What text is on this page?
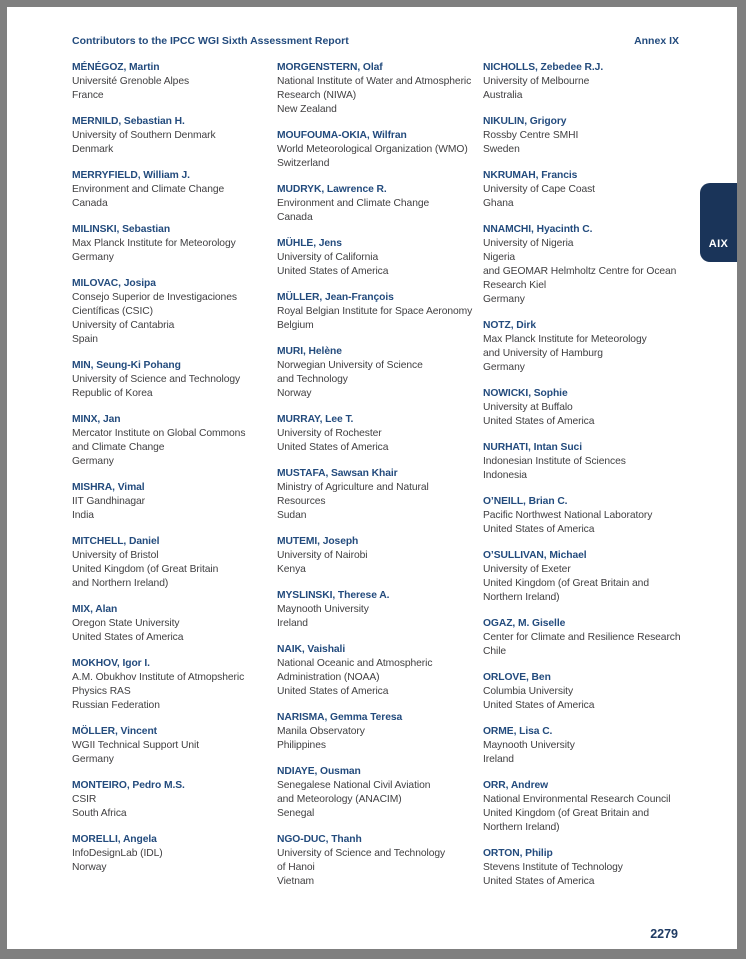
Contributors to the IPCC WGI Sixth Assessment Report	Annex IX
MÉNÉGOZ, Martin
Université Grenoble Alpes
France
MERNILD, Sebastian H.
University of Southern Denmark
Denmark
MERRYFIELD, William J.
Environment and Climate Change
Canada
MILINSKI, Sebastian
Max Planck Institute for Meteorology
Germany
MILOVAC, Josipa
Consejo Superior de Investigaciones
Científicas (CSIC)
University of Cantabria
Spain
MIN, Seung-Ki Pohang
University of Science and Technology
Republic of Korea
MINX, Jan
Mercator Institute on Global Commons
and Climate Change
Germany
MISHRA, Vimal
IIT Gandhinagar
India
MITCHELL, Daniel
University of Bristol
United Kingdom (of Great Britain
and Northern Ireland)
MIX, Alan
Oregon State University
United States of America
MOKHOV, Igor I.
A.M. Obukhov Institute of Atmopsheric
Physics RAS
Russian Federation
MÖLLER, Vincent
WGII Technical Support Unit
Germany
MONTEIRO, Pedro M.S.
CSIR
South Africa
MORELLI, Angela
InfoDesignLab (IDL)
Norway
MORGENSTERN, Olaf
National Institute of Water and Atmospheric
Research (NIWA)
New Zealand
MOUFOUMA-OKIA, Wilfran
World Meteorological Organization (WMO)
Switzerland
MUDRYK, Lawrence R.
Environment and Climate Change
Canada
MÜHLE, Jens
University of California
United States of America
MÜLLER, Jean-François
Royal Belgian Institute for Space Aeronomy
Belgium
MURI, Helène
Norwegian University of Science
and Technology
Norway
MURRAY, Lee T.
University of Rochester
United States of America
MUSTAFA, Sawsan Khair
Ministry of Agriculture and Natural
Resources
Sudan
MUTEMI, Joseph
University of Nairobi
Kenya
MYSLINSKI, Therese A.
Maynooth University
Ireland
NAIK, Vaishali
National Oceanic and Atmospheric
Administration (NOAA)
United States of America
NARISMA, Gemma Teresa
Manila Observatory
Philippines
NDIAYE, Ousman
Senegalese National Civil Aviation
and Meteorology (ANACIM)
Senegal
NGO-DUC, Thanh
University of Science and Technology
of Hanoi
Vietnam
NICHOLLS, Zebedee R.J.
University of Melbourne
Australia
NIKULIN, Grigory
Rossby Centre SMHI
Sweden
NKRUMAH, Francis
University of Cape Coast
Ghana
NNAMCHI, Hyacinth C.
University of Nigeria
Nigeria
and GEOMAR Helmholtz Centre for Ocean
Research Kiel
Germany
NOTZ, Dirk
Max Planck Institute for Meteorology
and University of Hamburg
Germany
NOWICKI, Sophie
University at Buffalo
United States of America
NURHATI, Intan Suci
Indonesian Institute of Sciences
Indonesia
O’NEILL, Brian C.
Pacific Northwest National Laboratory
United States of America
O’SULLIVAN, Michael
University of Exeter
United Kingdom (of Great Britain and
Northern Ireland)
OGAZ, M. Giselle
Center for Climate and Resilience Research
Chile
ORLOVE, Ben
Columbia University
United States of America
ORME, Lisa C.
Maynooth University
Ireland
ORR, Andrew
National Environmental Research Council
United Kingdom (of Great Britain and
Northern Ireland)
ORTON, Philip
Stevens Institute of Technology
United States of America
AIX
2279
